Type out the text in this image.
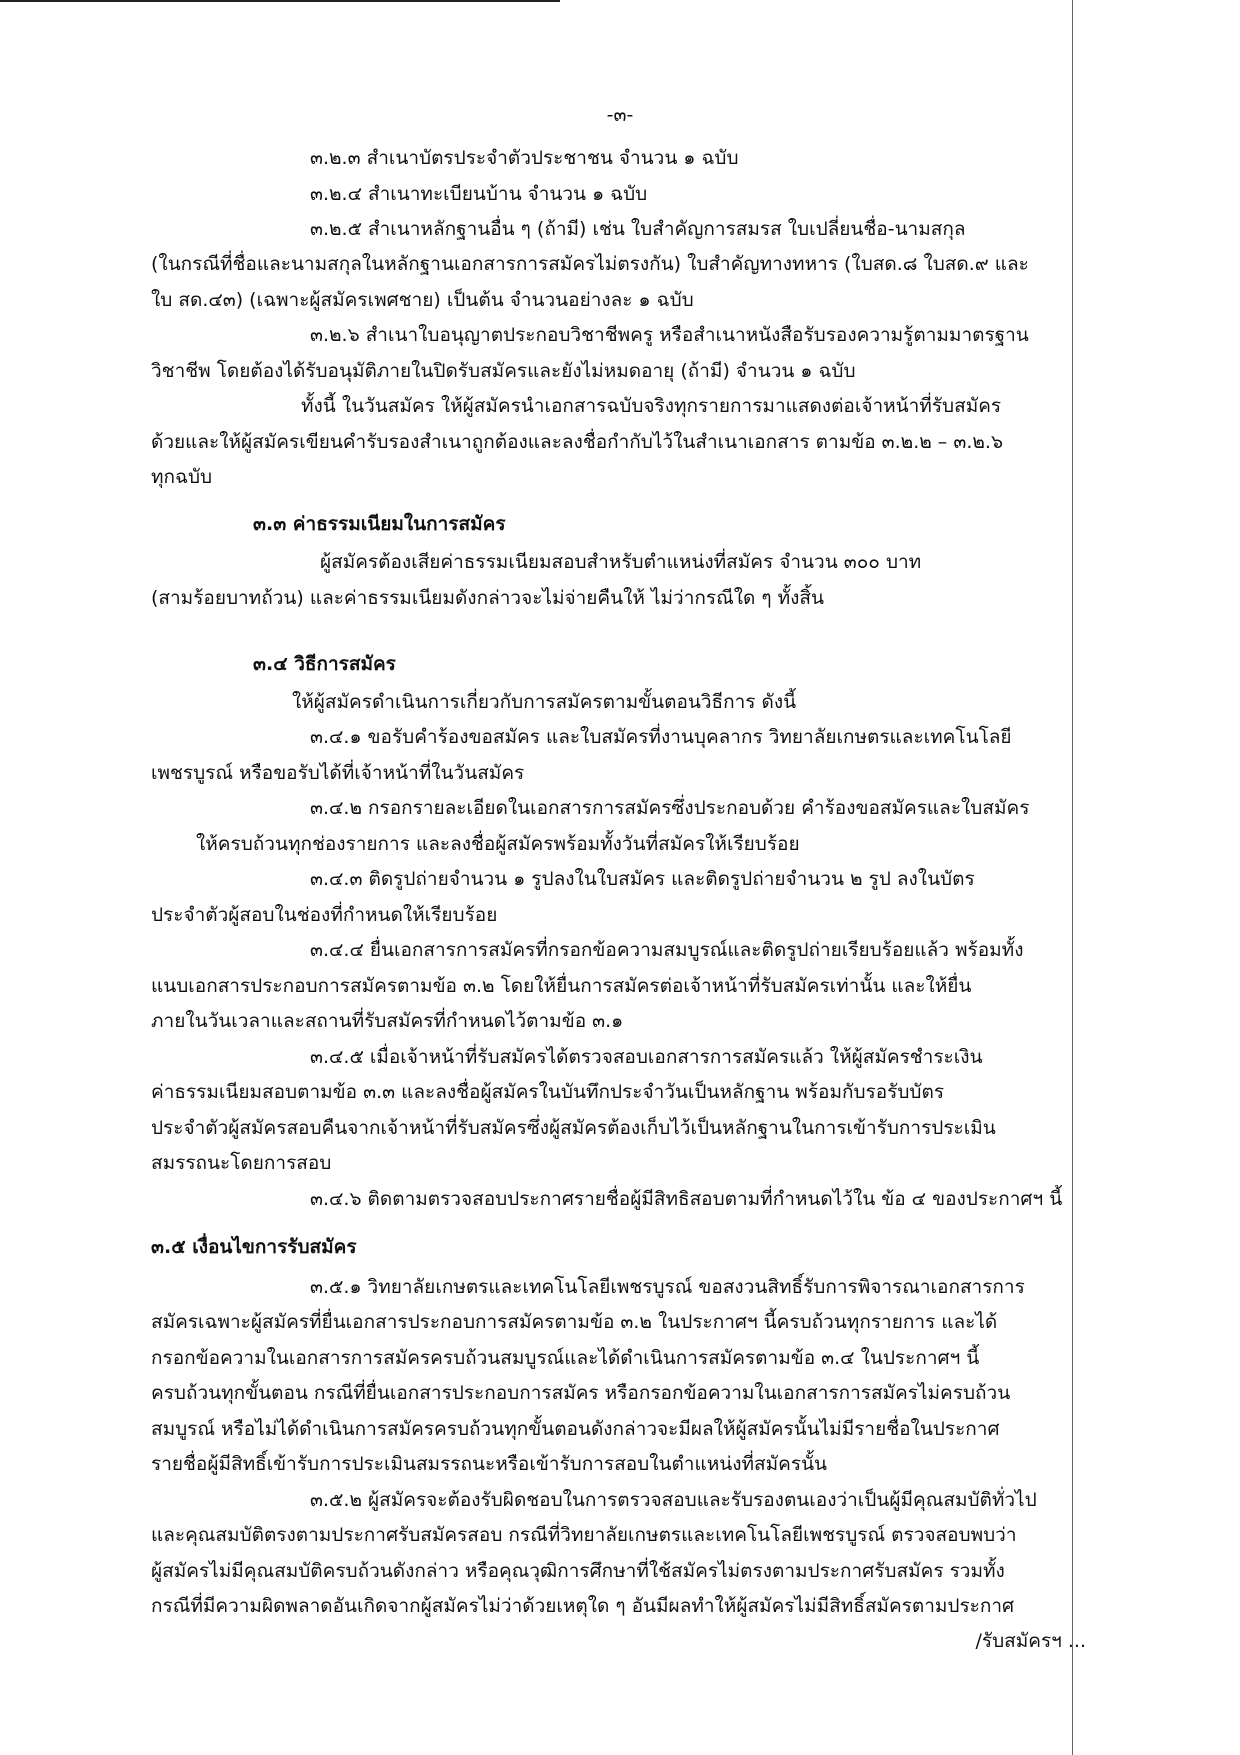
-๓-
๓.๒.๓ สำเนาบัตรประจำตัวประชาชน จำนวน ๑ ฉบับ
๓.๒.๔ สำเนาทะเบียนบ้าน จำนวน ๑ ฉบับ
๓.๒.๕ สำเนาหลักฐานอื่น ๆ (ถ้ามี) เช่น ใบสำคัญการสมรส ใบเปลี่ยนชื่อ-นามสกุล
(ในกรณีที่ชื่อและนามสกุลในหลักฐานเอกสารการสมัครไม่ตรงกัน) ใบสำคัญทางทหาร (ใบสด.๘ ใบสด.๙ และ
ใบ สด.๔๓) (เฉพาะผู้สมัครเพศชาย) เป็นต้น จำนวนอย่างละ ๑ ฉบับ
๓.๒.๖ สำเนาใบอนุญาตประกอบวิชาชีพครู หรือสำเนาหนังสือรับรองความรู้ตามมาตรฐาน
วิชาชีพ โดยต้องได้รับอนุมัติภายในปิดรับสมัครและยังไม่หมดอายุ (ถ้ามี) จำนวน ๑ ฉบับ
ทั้งนี้ ในวันสมัคร ให้ผู้สมัครนำเอกสารฉบับจริงทุกรายการมาแสดงต่อเจ้าหน้าที่รับสมัคร
ด้วยและให้ผู้สมัครเขียนคำรับรองสำเนาถูกต้องและลงชื่อกำกับไว้ในสำเนาเอกสาร ตามข้อ ๓.๒.๒ – ๓.๒.๖
ทุกฉบับ
๓.๓ ค่าธรรมเนียมในการสมัคร
ผู้สมัครต้องเสียค่าธรรมเนียมสอบสำหรับตำแหน่งที่สมัคร จำนวน ๓๐๐ บาท
(สามร้อยบาทถ้วน) และค่าธรรมเนียมดังกล่าวจะไม่จ่ายคืนให้ ไม่ว่ากรณีใด ๆ ทั้งสิ้น
๓.๔ วิธีการสมัคร
ให้ผู้สมัครดำเนินการเกี่ยวกับการสมัครตามขั้นตอนวิธีการ ดังนี้
๓.๔.๑ ขอรับคำร้องขอสมัคร และใบสมัครที่งานบุคลากร วิทยาลัยเกษตรและเทคโนโลยี
เพชรบูรณ์ หรือขอรับได้ที่เจ้าหน้าที่ในวันสมัคร
๓.๔.๒ กรอกรายละเอียดในเอกสารการสมัครซึ่งประกอบด้วย คำร้องขอสมัครและใบสมัคร
ให้ครบถ้วนทุกช่องรายการ และลงชื่อผู้สมัครพร้อมทั้งวันที่สมัครให้เรียบร้อย
๓.๔.๓ ติดรูปถ่ายจำนวน ๑ รูปลงในใบสมัคร และติดรูปถ่ายจำนวน ๒ รูป ลงในบัตร
ประจำตัวผู้สอบในช่องที่กำหนดให้เรียบร้อย
๓.๔.๔ ยื่นเอกสารการสมัครที่กรอกข้อความสมบูรณ์และติดรูปถ่ายเรียบร้อยแล้ว พร้อมทั้ง
แนบเอกสารประกอบการสมัครตามข้อ ๓.๒ โดยให้ยื่นการสมัครต่อเจ้าหน้าที่รับสมัครเท่านั้น และให้ยื่น
ภายในวันเวลาและสถานที่รับสมัครที่กำหนดไว้ตามข้อ ๓.๑
๓.๔.๕ เมื่อเจ้าหน้าที่รับสมัครได้ตรวจสอบเอกสารการสมัครแล้ว ให้ผู้สมัครชำระเงิน
ค่าธรรมเนียมสอบตามข้อ ๓.๓ และลงชื่อผู้สมัครในบันทึกประจำวันเป็นหลักฐาน พร้อมกับรอรับบัตร
ประจำตัวผู้สมัครสอบคืนจากเจ้าหน้าที่รับสมัครซึ่งผู้สมัครต้องเก็บไว้เป็นหลักฐานในการเข้ารับการประเมิน
สมรรถนะโดยการสอบ
๓.๔.๖ ติดตามตรวจสอบประกาศรายชื่อผู้มีสิทธิสอบตามที่กำหนดไว้ใน ข้อ ๔ ของประกาศฯ นี้
๓.๕ เงื่อนไขการรับสมัคร
๓.๕.๑ วิทยาลัยเกษตรและเทคโนโลยีเพชรบูรณ์ ขอสงวนสิทธิ์รับการพิจารณาเอกสารการ
สมัครเฉพาะผู้สมัครที่ยื่นเอกสารประกอบการสมัครตามข้อ ๓.๒ ในประกาศฯ นี้ครบถ้วนทุกรายการ และได้
กรอกข้อความในเอกสารการสมัครครบถ้วนสมบูรณ์และได้ดำเนินการสมัครตามข้อ ๓.๔ ในประกาศฯ นี้
ครบถ้วนทุกขั้นตอน กรณีที่ยื่นเอกสารประกอบการสมัคร หรือกรอกข้อความในเอกสารการสมัครไม่ครบถ้วน
สมบูรณ์ หรือไม่ได้ดำเนินการสมัครครบถ้วนทุกขั้นตอนดังกล่าวจะมีผลให้ผู้สมัครนั้นไม่มีรายชื่อในประกาศ
รายชื่อผู้มีสิทธิ์เข้ารับการประเมินสมรรถนะหรือเข้ารับการสอบในตำแหน่งที่สมัครนั้น
๓.๕.๒ ผู้สมัครจะต้องรับผิดชอบในการตรวจสอบและรับรองตนเองว่าเป็นผู้มีคุณสมบัติทั่วไป
และคุณสมบัติตรงตามประกาศรับสมัครสอบ กรณีที่วิทยาลัยเกษตรและเทคโนโลยีเพชรบูรณ์ ตรวจสอบพบว่า
ผู้สมัครไม่มีคุณสมบัติครบถ้วนดังกล่าว หรือคุณวุฒิการศึกษาที่ใช้สมัครไม่ตรงตามประกาศรับสมัคร รวมทั้ง
กรณีที่มีความผิดพลาดอันเกิดจากผู้สมัครไม่ว่าด้วยเหตุใด ๆ อันมีผลทำให้ผู้สมัครไม่มีสิทธิ์สมัครตามประกาศ
/รับสมัครฯ ...
